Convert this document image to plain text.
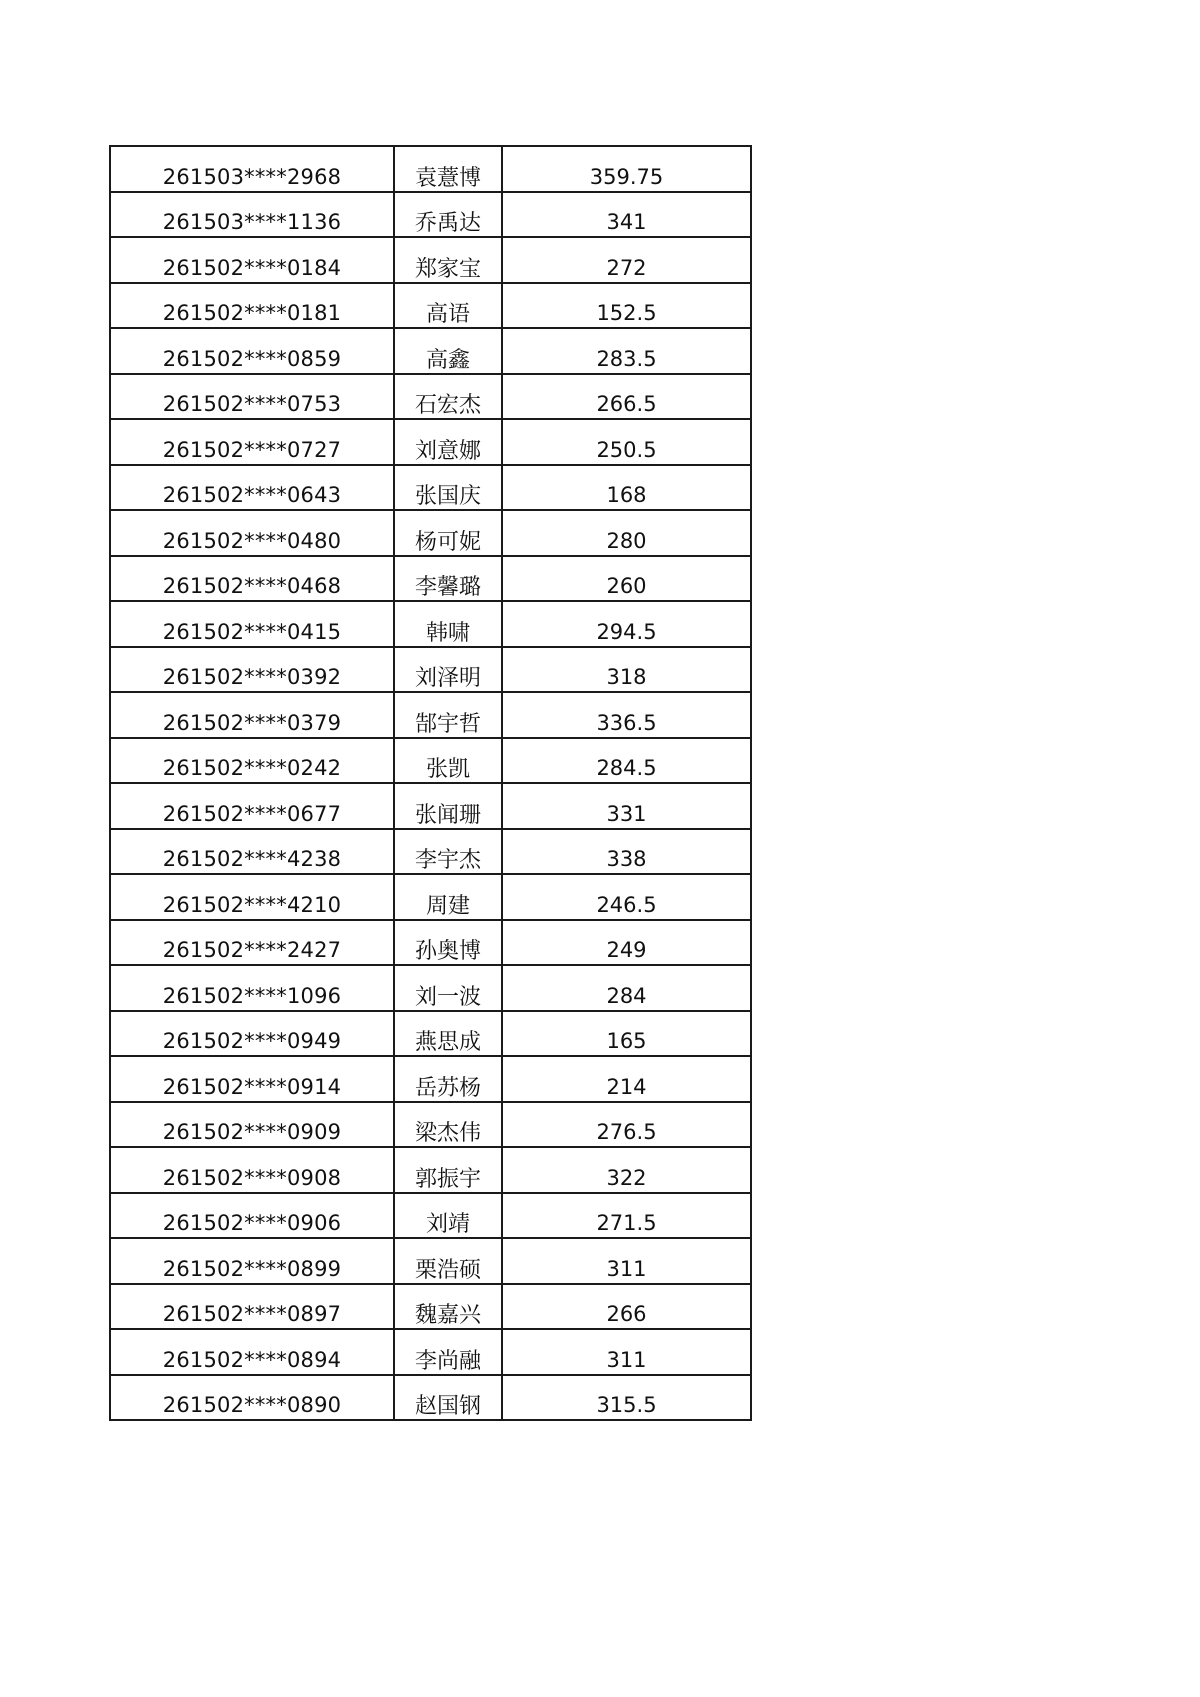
261503****2968	袁薏博	359.75
261503****1136	乔禹达	341
261502****0184	郑家宝	272
261502****0181	高语	152.5
261502****0859	高鑫	283.5
261502****0753	石宏杰	266.5
261502****0727	刘意娜	250.5
261502****0643	张国庆	168
261502****0480	杨可妮	280
261502****0468	李馨璐	260
261502****0415	韩啸	294.5
261502****0392	刘泽明	318
261502****0379	郜宇哲	336.5
261502****0242	张凯	284.5
261502****0677	张闻珊	331
261502****4238	李宇杰	338
261502****4210	周建	246.5
261502****2427	孙奥博	249
261502****1096	刘一波	284
261502****0949	燕思成	165
261502****0914	岳苏杨	214
261502****0909	梁杰伟	276.5
261502****0908	郭振宇	322
261502****0906	刘靖	271.5
261502****0899	栗浩硕	311
261502****0897	魏嘉兴	266
261502****0894	李尚融	311
261502****0890	赵国钢	315.5
